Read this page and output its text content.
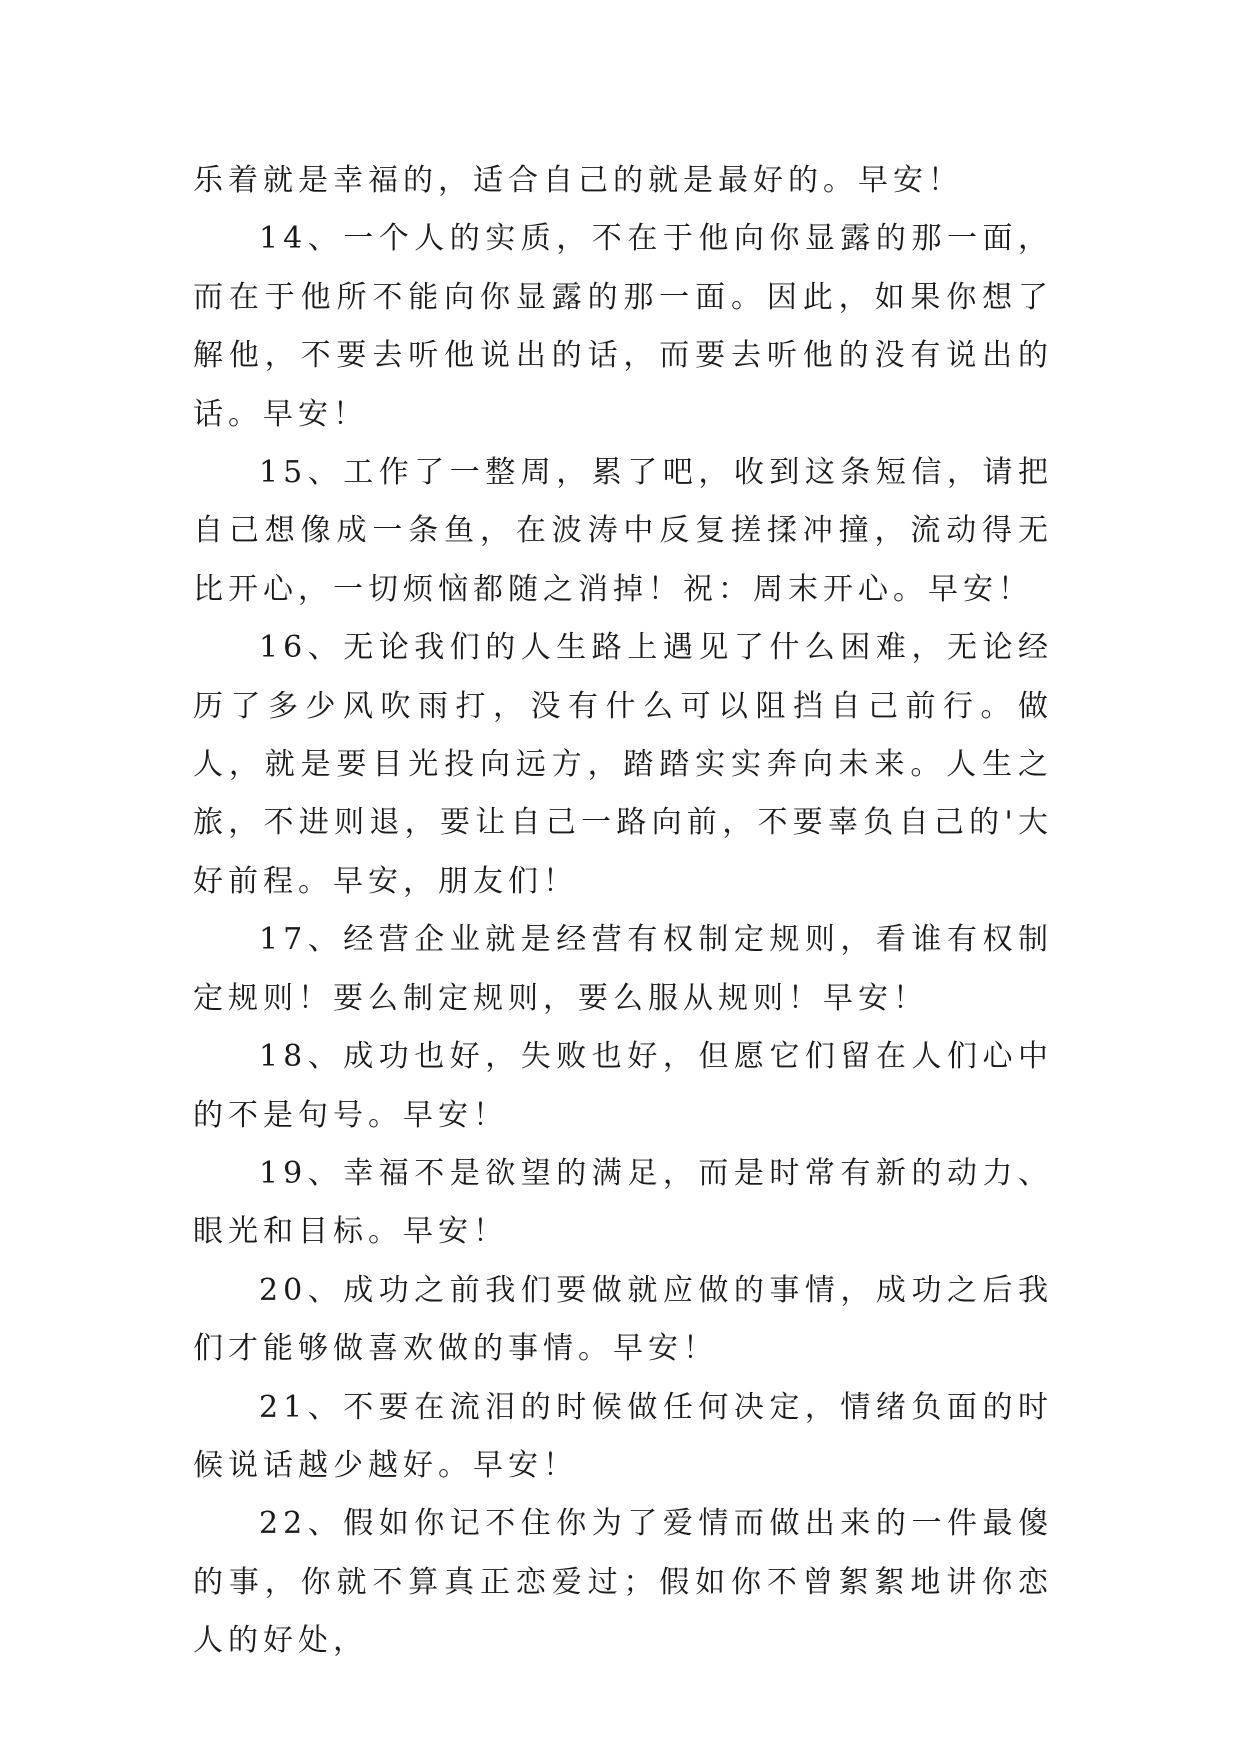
乐着就是幸福的，适合自己的就是最好的。早安！

14、一个人的实质，不在于他向你显露的那一面，而在于他所不能向你显露的那一面。因此，如果你想了解他，不要去听他说出的话，而要去听他的没有说出的话。早安！

15、工作了一整周，累了吧，收到这条短信，请把自己想像成一条鱼，在波涛中反复搓揉冲撞，流动得无比开心，一切烦恼都随之消掉！祝：周末开心。早安！

16、无论我们的人生路上遇见了什么困难，无论经历了多少风吹雨打，没有什么可以阻挡自己前行。做人，就是要目光投向远方，踏踏实实奔向未来。人生之旅，不进则退，要让自己一路向前，不要辜负自己的'大好前程。早安，朋友们！

17、经营企业就是经营有权制定规则，看谁有权制定规则！要么制定规则，要么服从规则！早安！

18、成功也好，失败也好，但愿它们留在人们心中的不是句号。早安！

19、幸福不是欲望的满足，而是时常有新的动力、眼光和目标。早安！

20、成功之前我们要做就应做的事情，成功之后我们才能够做喜欢做的事情。早安！

21、不要在流泪的时候做任何决定，情绪负面的时候说话越少越好。早安！

22、假如你记不住你为了爱情而做出来的一件最傻的事，你就不算真正恋爱过；假如你不曾絮絮地讲你恋人的好处，
